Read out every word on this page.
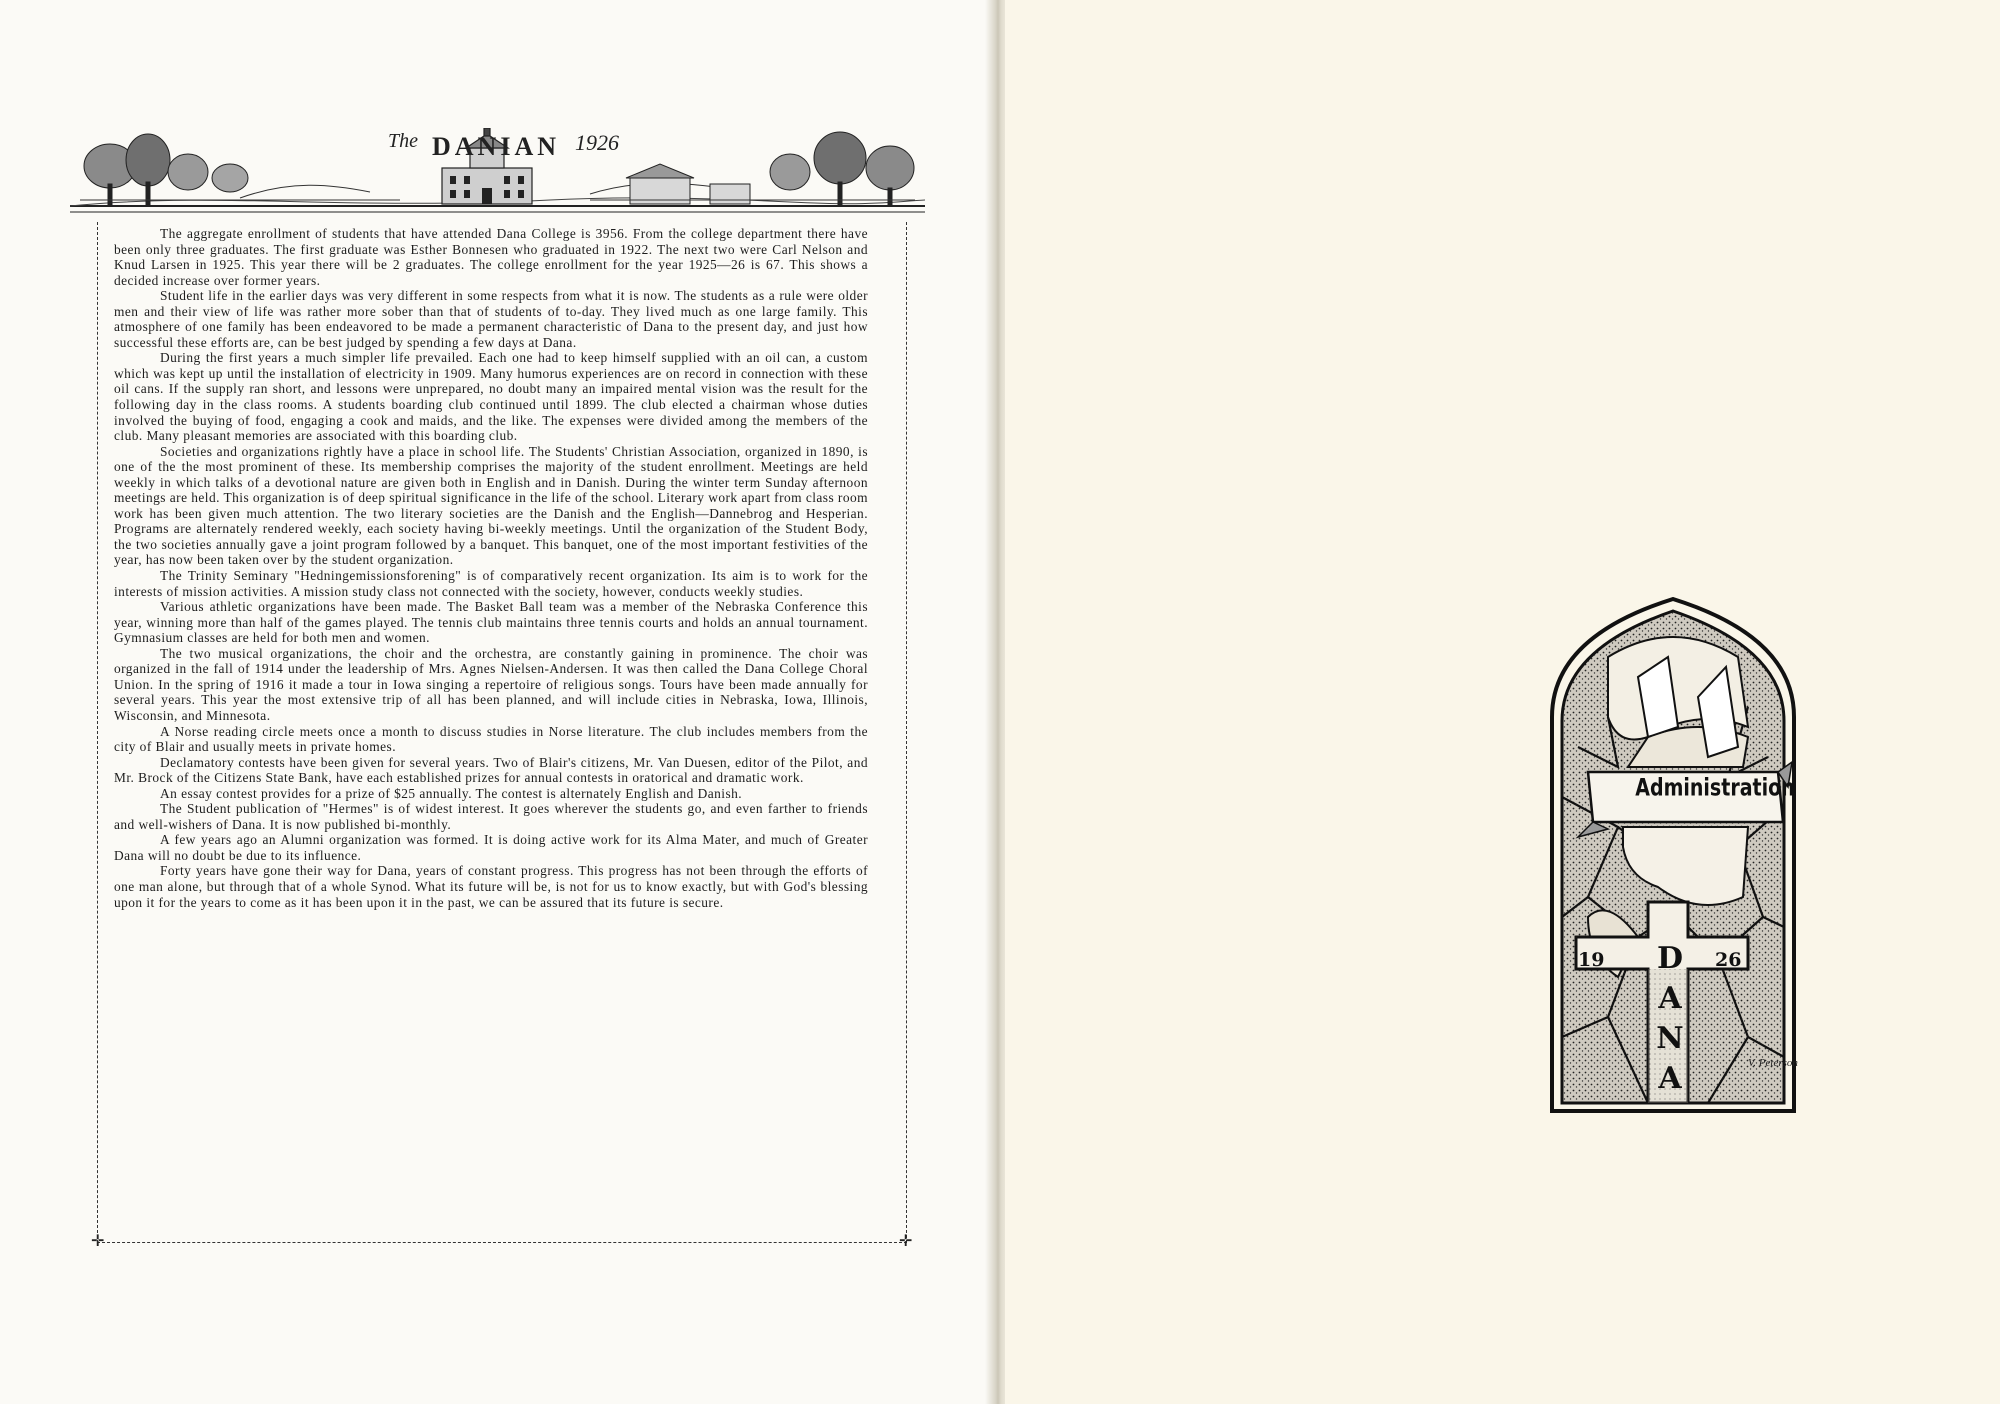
The DANIAN 1926
✛	✛

The aggregate enrollment of students that have attended Dana College is 3956. From the college department there have been only three graduates. The first graduate was Esther Bonnesen who graduated in 1922. The next two were Carl Nelson and Knud Larsen in 1925. This year there will be 2 graduates. The college enrollment for the year 1925—26 is 67. This shows a decided increase over former years.

Student life in the earlier days was very different in some respects from what it is now. The students as a rule were older men and their view of life was rather more sober than that of students of to-day. They lived much as one large family. This atmosphere of one family has been endeavored to be made a permanent characteristic of Dana to the present day, and just how successful these efforts are, can be best judged by spending a few days at Dana.

During the first years a much simpler life prevailed. Each one had to keep himself supplied with an oil can, a custom which was kept up until the installation of electricity in 1909. Many humorus experiences are on record in connection with these oil cans. If the supply ran short, and lessons were unprepared, no doubt many an impaired mental vision was the result for the following day in the class rooms. A students boarding club continued until 1899. The club elected a chairman whose duties involved the buying of food, engaging a cook and maids, and the like. The expenses were divided among the members of the club. Many pleasant memories are associated with this boarding club.

Societies and organizations rightly have a place in school life. The Students' Christian Association, organized in 1890, is one of the the most prominent of these. Its membership comprises the majority of the student enrollment. Meetings are held weekly in which talks of a devotional nature are given both in English and in Danish. During the winter term Sunday afternoon meetings are held. This organization is of deep spiritual significance in the life of the school. Literary work apart from class room work has been given much attention. The two literary societies are the Danish and the English—Dannebrog and Hesperian. Programs are alternately rendered weekly, each society having bi-weekly meetings. Until the organization of the Student Body, the two societies annually gave a joint program followed by a banquet. This banquet, one of the most important festivities of the year, has now been taken over by the student organization.

The Trinity Seminary "Hedningemissionsforening" is of comparatively recent organization. Its aim is to work for the interests of mission activities. A mission study class not connected with the society, however, conducts weekly studies.

Various athletic organizations have been made. The Basket Ball team was a member of the Nebraska Conference this year, winning more than half of the games played. The tennis club maintains three tennis courts and holds an annual tournament. Gymnasium classes are held for both men and women.

The two musical organizations, the choir and the orchestra, are constantly gaining in prominence. The choir was organized in the fall of 1914 under the leadership of Mrs. Agnes Nielsen-Andersen. It was then called the Dana College Choral Union. In the spring of 1916 it made a tour in Iowa singing a repertoire of religious songs. Tours have been made annually for several years. This year the most extensive trip of all has been planned, and will include cities in Nebraska, Iowa, Illinois, Wisconsin, and Minnesota.

A Norse reading circle meets once a month to discuss studies in Norse literature. The club includes members from the city of Blair and usually meets in private homes.

Declamatory contests have been given for several years. Two of Blair's citizens, Mr. Van Duesen, editor of the Pilot, and Mr. Brock of the Citizens State Bank, have each established prizes for annual contests in oratorical and dramatic work.

An essay contest provides for a prize of $25 annually. The contest is alternately English and Danish.

The Student publication of "Hermes" is of widest interest. It goes wherever the students go, and even farther to friends and well-wishers of Dana. It is now published bi-monthly.

A few years ago an Alumni organization was formed. It is doing active work for its Alma Mater, and much of Greater Dana will no doubt be due to its influence.

Forty years have gone their way for Dana, years of constant progress. This progress has not been through the efforts of one man alone, but through that of a whole Synod. What its future will be, is not for us to know exactly, but with God's blessing upon it for the years to come as it has been upon it in the past, we can be assured that its future is secure.

Administration
19	26
D
A
N
A	V. Peterson
